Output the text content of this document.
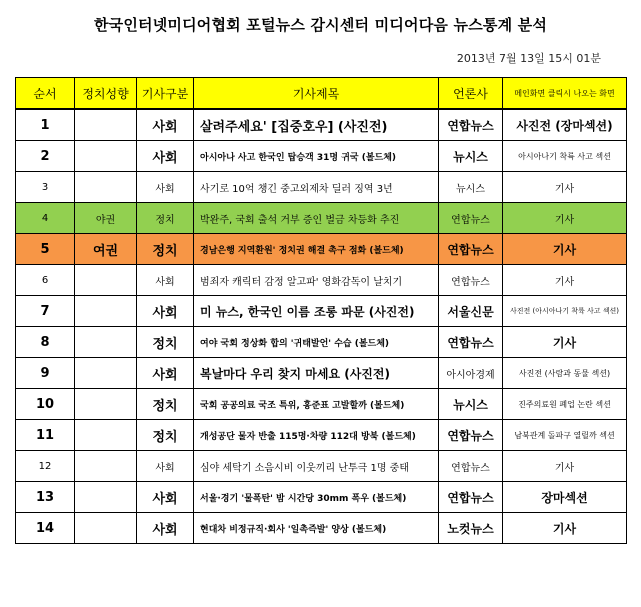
한국인터넷미디어협회 포털뉴스 감시센터 미디어다음 뉴스통계 분석
2013년 7월 13일 15시 01분
순서	정치성향	기사구분	기사제목	언론사	메인화면 클릭시 나오는 화면
1		사회	살려주세요' [집중호우] (사진전)	연합뉴스	사진전 (장마섹션)
2		사회	아시아나 사고 한국인 탑승객 31명 귀국 (볼드체)	뉴시스	아시아나기 착륙 사고 섹션
3		사회	사기로 10억 챙긴 중고외제차 딜러 징역 3년	뉴시스	기사
4	야권	정치	박완주, 국회 출석 거부 증인 벌금 차등화 추진	연합뉴스	기사
5	여권	정치	경남은행 지역환원' 정치권 해결 촉구 점화 (볼드체)	연합뉴스	기사
6		사회	범죄자 캐릭터 감정 알고파' 영화감독이 날치기	연합뉴스	기사
7		사회	미 뉴스, 한국인 이름 조롱 파문 (사진전)	서울신문	사진전 (아시아나기 착륙 사고 섹션)
8		정치	여야 국회 정상화 합의 '귀태발언' 수습 (볼드체)	연합뉴스	기사
9		사회	복날마다 우리 찾지 마세요 (사진전)	아시아경제	사진전 (사람과 동물 섹션)
10		정치	국회 공공의료 국조 특위, 홍준표 고발할까 (볼드체)	뉴시스	진주의료원 폐업 논란 섹션
11		정치	개성공단 물자 반출 115명·차량 112대 방북 (볼드체)	연합뉴스	남북관계 돌파구 열릴까 섹션
12		사회	심야 세탁기 소음시비 이웃끼리 난투극 1명 중태	연합뉴스	기사
13		사회	서울·경기 '물폭탄' 밤 시간당 30mm 폭우 (볼드체)	연합뉴스	장마섹션
14		사회	현대차 비정규직·회사 '일촉즉발' 양상 (볼드체)	노컷뉴스	기사
